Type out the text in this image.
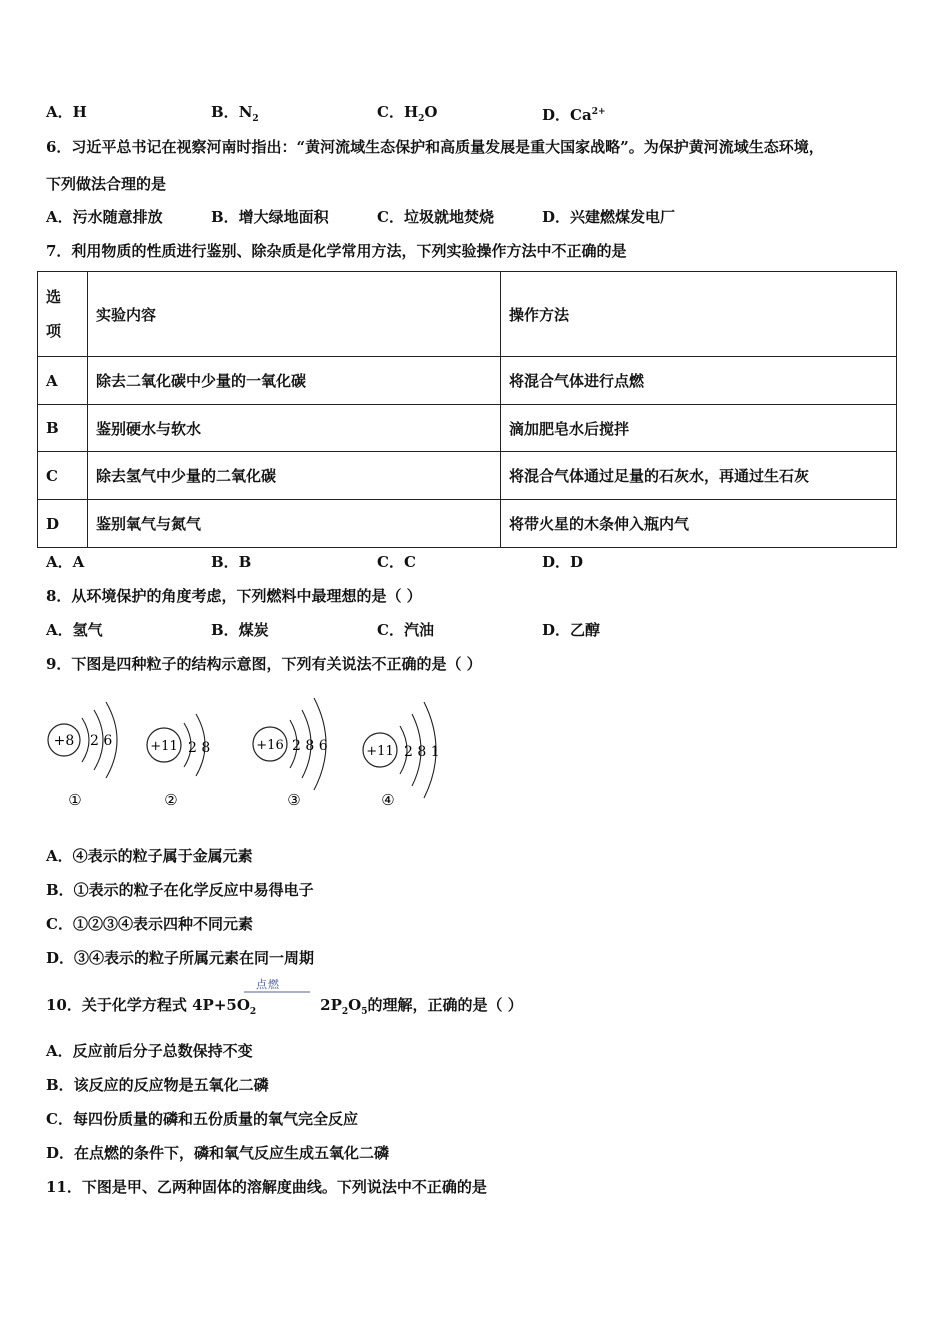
A．H	B．$N_2$	C．$H_2O$	D．$Ca^{2+}$
6．习近平总书记在视察河南时指出：“黄河流域生态保护和高质量发展是重大国家战略”。为保护黄河流域生态环境，
下列做法合理的是
A．污水随意排放	B．增大绿地面积	C．垃圾就地焚烧	D．兴建燃煤发电厂
7．利用物质的性质进行鉴别、除杂质是化学常用方法，下列实验操作方法中不正确的是
选
项	实验内容	操作方法
A	除去二氧化碳中少量的一氧化碳	将混合气体进行点燃
B	鉴别硬水与软水	滴加肥皂水后搅拌
C	除去氢气中少量的二氧化碳	将混合气体通过足量的石灰水，再通过生石灰
D	鉴别氧气与氮气	将带火星的木条伸入瓶内气
A．A	B．B	C．C	D．D
8．从环境保护的角度考虑，下列燃料中最理想的是（ ）
A．氢气	B．煤炭	C．汽油	D．乙醇
9．下图是四种粒子的结构示意图，下列有关说法不正确的是（ ）
+8 2 6
①
+11 2 8
②
+16 2 8 6
③
+11 2 8 1
④
A．④表示的粒子属于金属元素
B．①表示的粒子在化学反应中易得电子
C．①②③④表示四种不同元素
D．③④表示的粒子所属元素在同一周期
点燃
10．关于化学方程式 $4P+5O_2$	$2P_2O_5$的理解，正确的是（ ）
A．反应前后分子总数保持不变
B．该反应的反应物是五氧化二磷
C．每四份质量的磷和五份质量的氧气完全反应
D．在点燃的条件下，磷和氧气反应生成五氧化二磷
11．下图是甲、乙两种固体的溶解度曲线。下列说法中不正确的是
